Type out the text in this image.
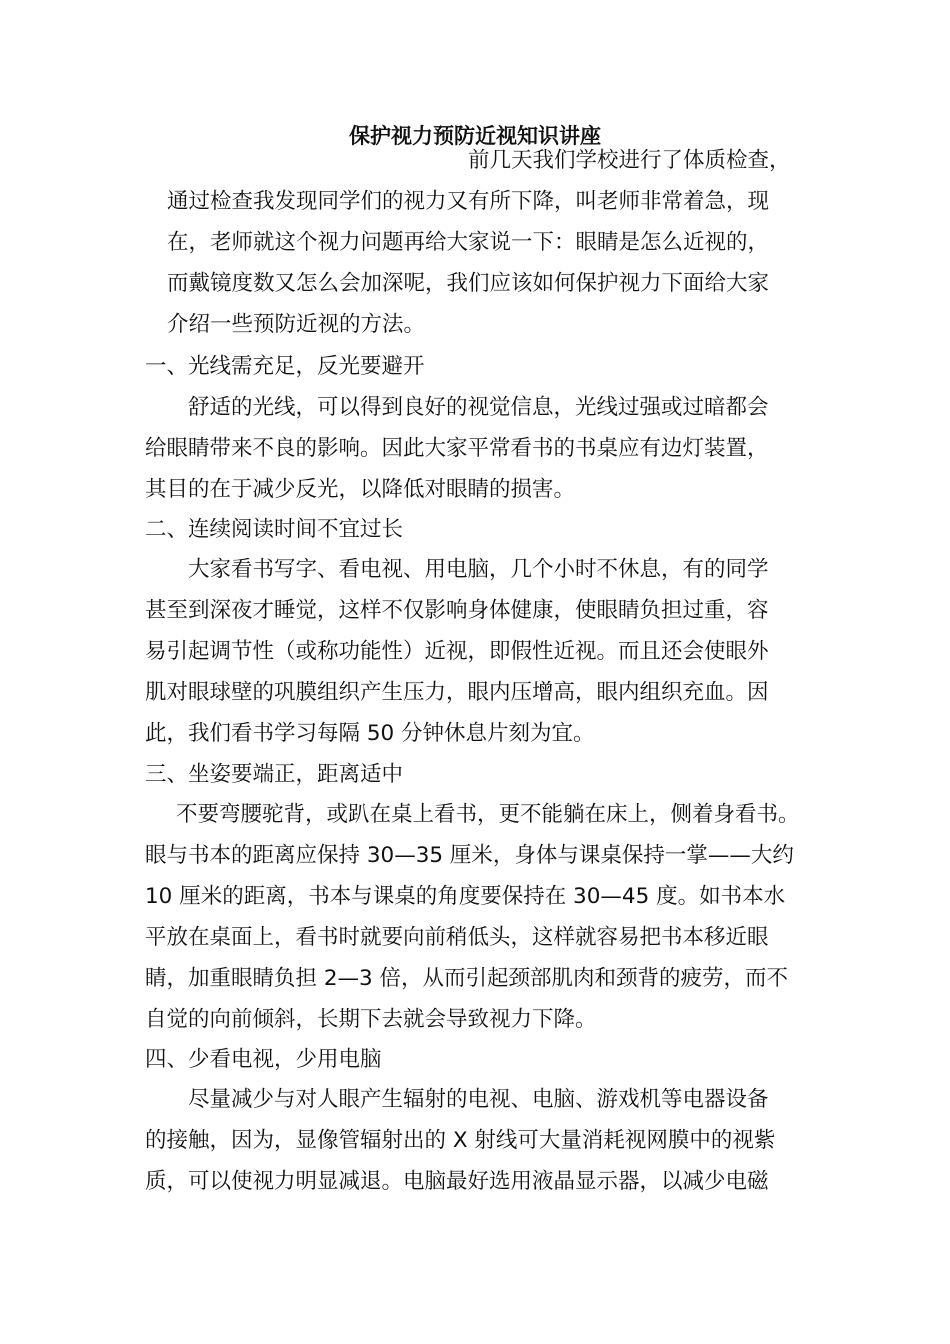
保护视力预防近视知识讲座
前几天我们学校进行了体质检查，
通过检查我发现同学们的视力又有所下降，叫老师非常着急，现
在，老师就这个视力问题再给大家说一下：眼睛是怎么近视的，
而戴镜度数又怎么会加深呢，我们应该如何保护视力下面给大家
介绍一些预防近视的方法。
一、光线需充足，反光要避开
舒适的光线，可以得到良好的视觉信息，光线过强或过暗都会
给眼睛带来不良的影响。因此大家平常看书的书桌应有边灯装置，
其目的在于减少反光，以降低对眼睛的损害。
二、连续阅读时间不宜过长
大家看书写字、看电视、用电脑，几个小时不休息，有的同学
甚至到深夜才睡觉，这样不仅影响身体健康，使眼睛负担过重，容
易引起调节性（或称功能性）近视，即假性近视。而且还会使眼外
肌对眼球壁的巩膜组织产生压力，眼内压增高，眼内组织充血。因
此，我们看书学习每隔 50 分钟休息片刻为宜。
三、坐姿要端正，距离适中
不要弯腰驼背，或趴在桌上看书，更不能躺在床上，侧着身看书。
眼与书本的距离应保持 30—35 厘米，身体与课桌保持一掌——大约
10 厘米的距离，书本与课桌的角度要保持在 30—45 度。如书本水
平放在桌面上，看书时就要向前稍低头，这样就容易把书本移近眼
睛，加重眼睛负担 2—3 倍，从而引起颈部肌肉和颈背的疲劳，而不
自觉的向前倾斜，长期下去就会导致视力下降。
四、少看电视，少用电脑
尽量减少与对人眼产生辐射的电视、电脑、游戏机等电器设备
的接触，因为，显像管辐射出的 X 射线可大量消耗视网膜中的视紫
质，可以使视力明显减退。电脑最好选用液晶显示器，以减少电磁
